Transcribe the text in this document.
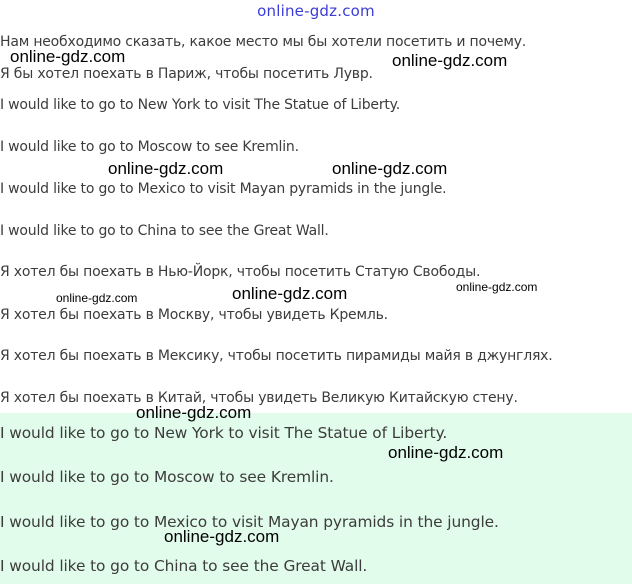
online-gdz.com
Нам необходимо сказать, какое место мы бы хотели посетить и почему.
Я бы хотел поехать в Париж, чтобы посетить Лувр.
I would like to go to New York to visit The Statue of Liberty.
I would like to go to Moscow to see Kremlin.
I would like to go to Mexico to visit Mayan pyramids in the jungle.
I would like to go to China to see the Great Wall.
Я хотел бы поехать в Нью-Йорк, чтобы посетить Статую Свободы.
Я хотел бы поехать в Москву, чтобы увидеть Кремль.
Я хотел бы поехать в Мексику, чтобы посетить пирамиды майя в джунглях.
Я хотел бы поехать в Китай, чтобы увидеть Великую Китайскую стену.
I would like to go to New York to visit The Statue of Liberty.
I would like to go to Moscow to see Kremlin.
I would like to go to Mexico to visit Mayan pyramids in the jungle.
I would like to go to China to see the Great Wall.
online-gdz.com	online-gdz.com
online-gdz.com	online-gdz.com
online-gdz.com	online-gdz.com	online-gdz.com
online-gdz.com
online-gdz.com
online-gdz.com
